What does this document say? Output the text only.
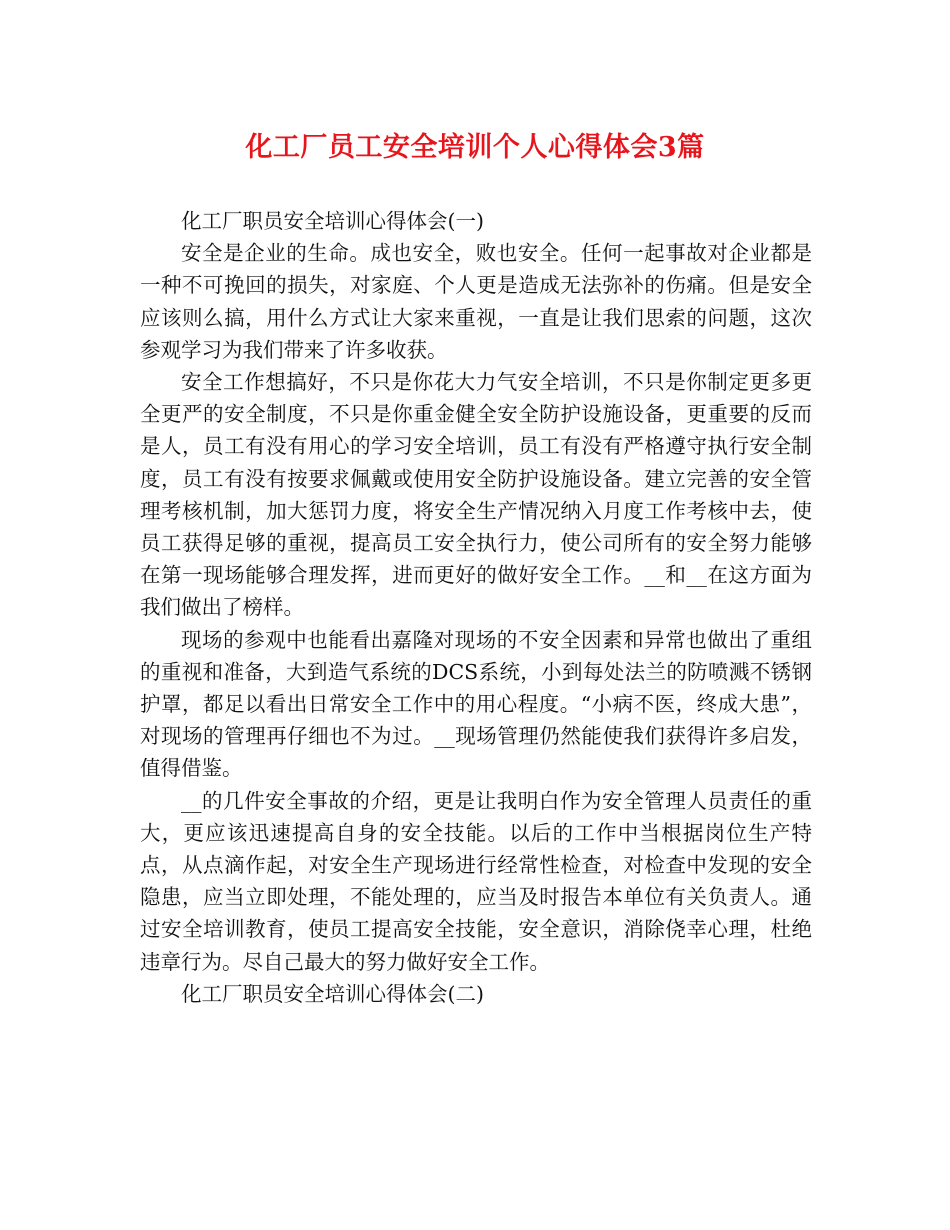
化工厂员工安全培训个人心得体会3篇

化工厂职员安全培训心得体会(一)

安全是企业的生命。成也安全，败也安全。任何一起事故对企业都是一种不可挽回的损失，对家庭、个人更是造成无法弥补的伤痛。但是安全应该则么搞，用什么方式让大家来重视，一直是让我们思索的问题，这次参观学习为我们带来了许多收获。

安全工作想搞好，不只是你花大力气安全培训，不只是你制定更多更全更严的安全制度，不只是你重金健全安全防护设施设备，更重要的反而是人，员工有没有用心的学习安全培训，员工有没有严格遵守执行安全制度，员工有没有按要求佩戴或使用安全防护设施设备。建立完善的安全管理考核机制，加大惩罚力度，将安全生产情况纳入月度工作考核中去，使员工获得足够的重视，提高员工安全执行力，使公司所有的安全努力能够在第一现场能够合理发挥，进而更好的做好安全工作。__和__在这方面为我们做出了榜样。

现场的参观中也能看出嘉隆对现场的不安全因素和异常也做出了重组的重视和准备，大到造气系统的DCS系统，小到每处法兰的防喷溅不锈钢护罩，都足以看出日常安全工作中的用心程度。“小病不医，终成大患”，对现场的管理再仔细也不为过。__现场管理仍然能使我们获得许多启发，值得借鉴。

__的几件安全事故的介绍，更是让我明白作为安全管理人员责任的重大，更应该迅速提高自身的安全技能。以后的工作中当根据岗位生产特点，从点滴作起，对安全生产现场进行经常性检查，对检查中发现的安全隐患，应当立即处理，不能处理的，应当及时报告本单位有关负责人。通过安全培训教育，使员工提高安全技能，安全意识，消除侥幸心理，杜绝违章行为。尽自己最大的努力做好安全工作。

化工厂职员安全培训心得体会(二)
